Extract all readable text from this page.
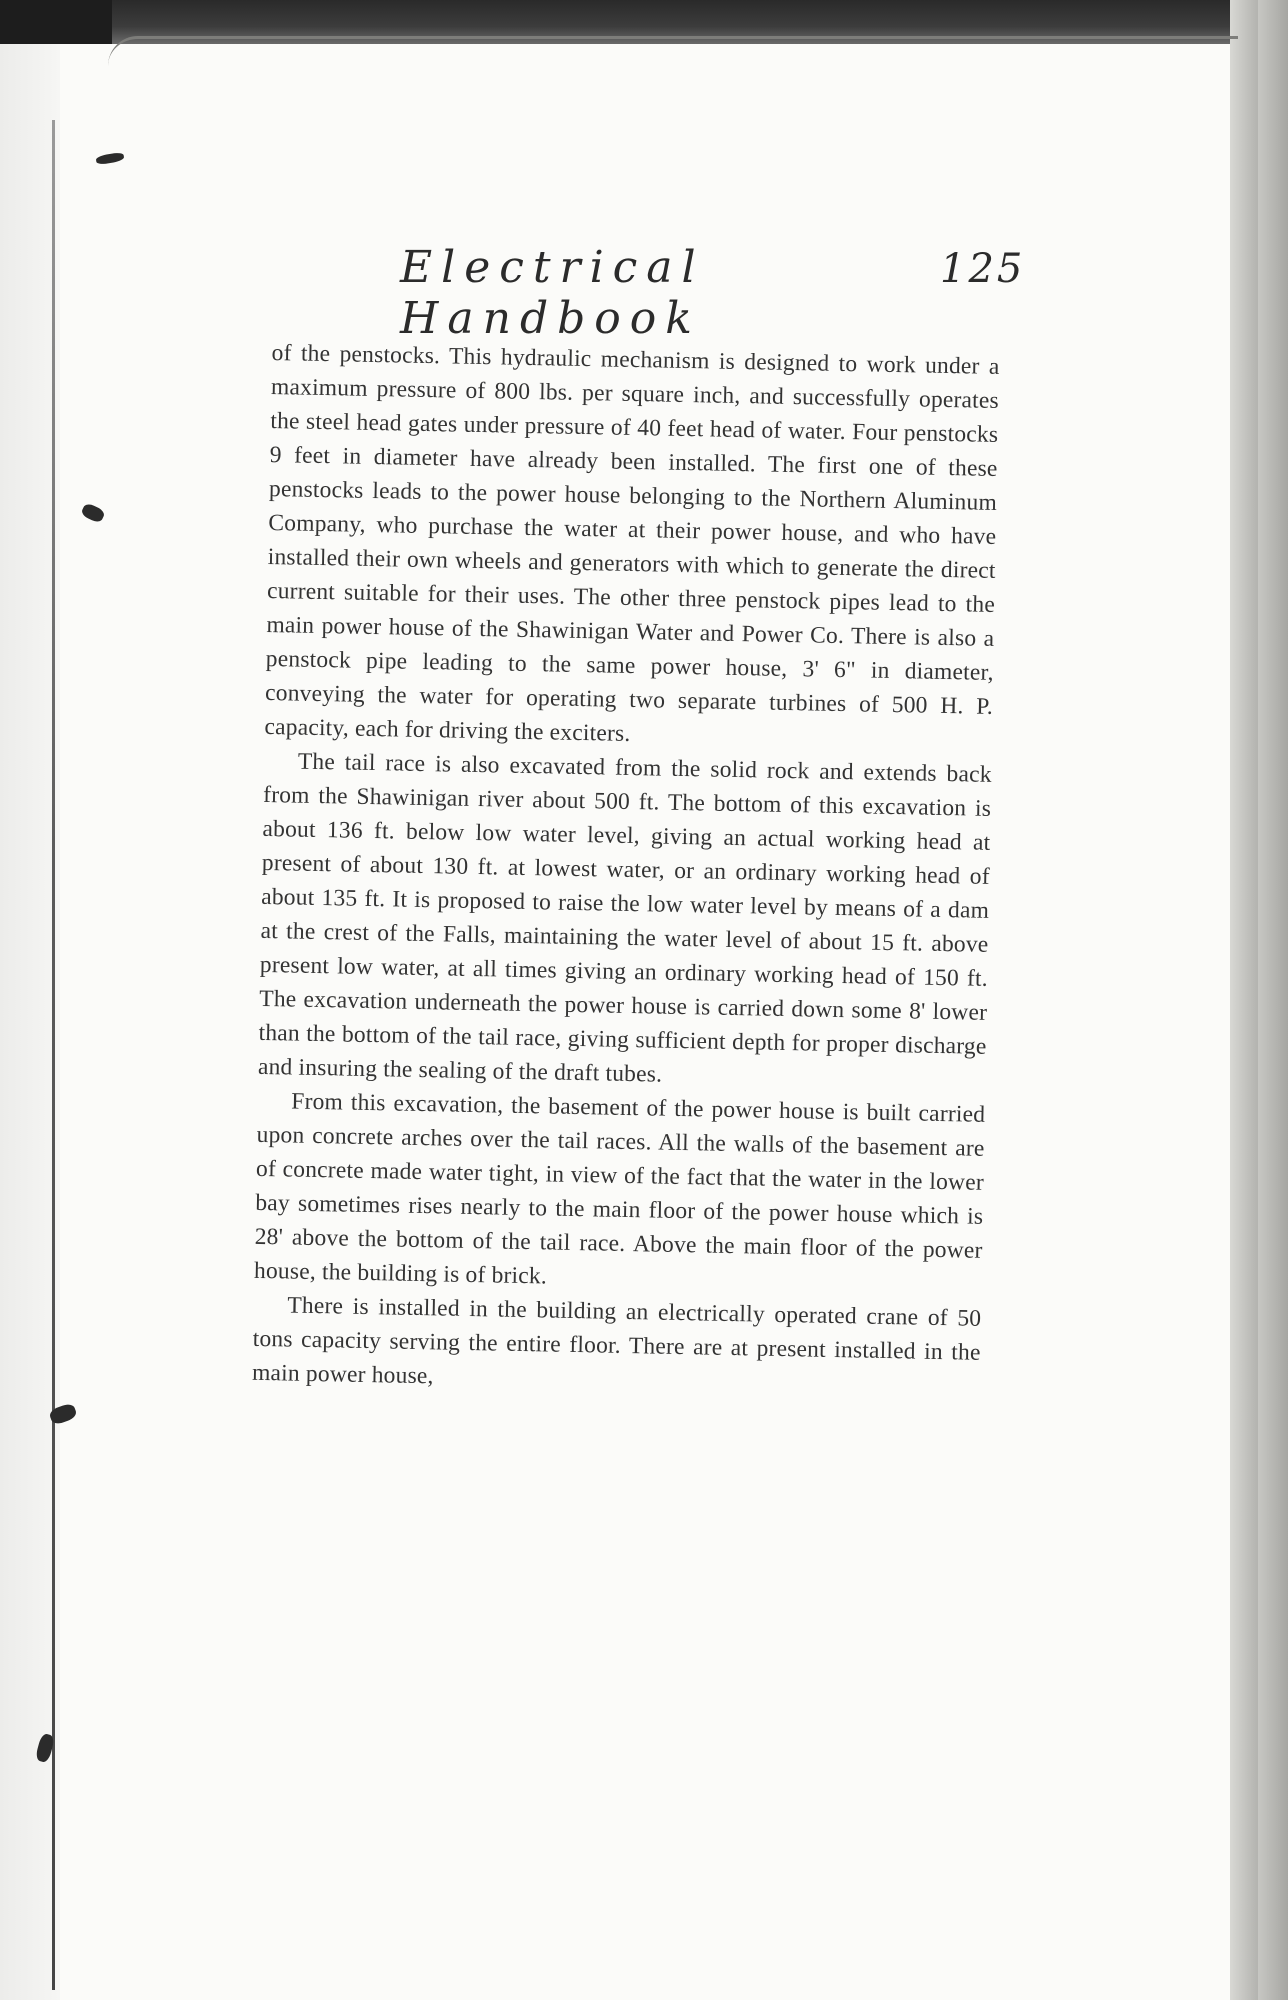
Electrical Handbook
125

of the penstocks. This hydraulic mechanism is designed to work under a maximum pressure of 800 lbs. per square inch, and successfully operates the steel head gates under pressure of 40 feet head of water. Four penstocks 9 feet in diameter have already been installed. The first one of these penstocks leads to the power house belonging to the Northern Aluminum Company, who purchase the water at their power house, and who have installed their own wheels and generators with which to generate the direct current suitable for their uses. The other three penstock pipes lead to the main power house of the Shawinigan Water and Power Co. There is also a penstock pipe leading to the same power house, 3' 6" in diameter, conveying the water for operating two separate turbines of 500 H. P. capacity, each for driving the exciters.

The tail race is also excavated from the solid rock and extends back from the Shawinigan river about 500 ft. The bottom of this excavation is about 136 ft. below low water level, giving an actual working head at present of about 130 ft. at lowest water, or an ordinary working head of about 135 ft. It is proposed to raise the low water level by means of a dam at the crest of the Falls, maintaining the water level of about 15 ft. above present low water, at all times giving an ordinary working head of 150 ft. The excavation underneath the power house is carried down some 8' lower than the bottom of the tail race, giving sufficient depth for proper discharge and insuring the sealing of the draft tubes.

From this excavation, the basement of the power house is built carried upon concrete arches over the tail races. All the walls of the basement are of concrete made water tight, in view of the fact that the water in the lower bay sometimes rises nearly to the main floor of the power house which is 28' above the bottom of the tail race. Above the main floor of the power house, the building is of brick.

There is installed in the building an electrically operated crane of 50 tons capacity serving the entire floor. There are at present installed in the main power house,
